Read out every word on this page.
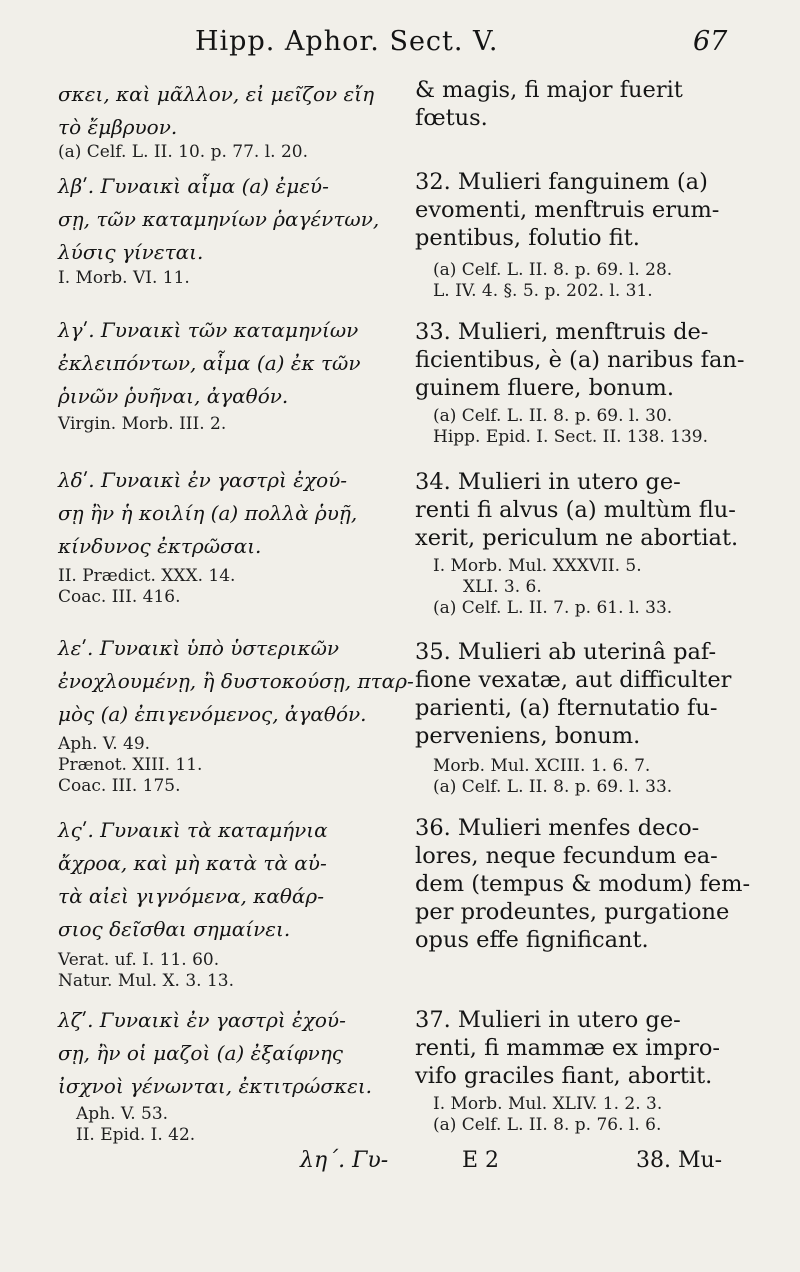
Hipp. Aphor. Sect. V.	67

σκει, καὶ μᾶλλον, εἰ μεῖζον εἴη

τὸ ἔμβρυον.

(a) Celf. L. II. 10. p. 77. l. 20.

λβʹ. Γυναικὶ αἷμα (a) ἐμεύ-

σῃ, τῶν καταμηνίων ῥαγέντων,

λύσις γίνεται.

I. Morb. VI. 11.

λγʹ. Γυναικὶ τῶν καταμηνίων

ἐκλειπόντων, αἷμα (a) ἐκ τῶν

ῥινῶν ῥυῆναι, ἀγαθόν.

Virgin. Morb. III. 2.

λδʹ. Γυναικὶ ἐν γαστρὶ ἐχού-

σῃ ἢν ἡ κοιλίη (a) πολλὰ ῥυῇ,

κίνδυνος ἐκτρῶσαι.

II. Prædict. XXX. 14.

Coac. III. 416.

λεʹ. Γυναικὶ ὑπὸ ὑστερικῶν

ἐνοχλουμένῃ, ἢ δυστοκούσῃ, πταρ-

μὸς (a) ἐπιγενόμενος, ἀγαθόν.

Aph. V. 49.

Prænot. XIII. 11.

Coac. III. 175.

λςʹ. Γυναικὶ τὰ καταμήνια

ἄχροα, καὶ μὴ κατὰ τὰ αὐ-

τὰ αἰεὶ γιγνόμενα, καθάρ-

σιος δεῖσθαι σημαίνει.

Verat. uf. I. 11. 60.

Natur. Mul. X. 3. 13.

λζʹ. Γυναικὶ ἐν γαστρὶ ἐχού-

σῃ, ἢν οἱ μαζοὶ (a) ἐξαίφνης

ἰσχνοὶ γένωνται, ἐκτιτρώσκει.

Aph. V. 53.

II. Epid. I. 42.

λη΄. Γυ-

& magis, fi major fuerit

fœtus.

32. Mulieri fanguinem (a)

evomenti, menftruis erum-

pentibus, folutio fit.

(a) Celf. L. II. 8. p. 69. l. 28.

L. IV. 4. §. 5. p. 202. l. 31.

33. Mulieri, menftruis de-

ficientibus, è (a) naribus fan-

guinem fluere, bonum.

(a) Celf. L. II. 8. p. 69. l. 30.

Hipp. Epid. I. Sect. II. 138. 139.

34. Mulieri in utero ge-

renti fi alvus (a) multùm flu-

xerit, periculum ne abortiat.

I. Morb. Mul. XXXVII. 5.

XLI. 3. 6.

(a) Celf. L. II. 7. p. 61. l. 33.

35. Mulieri ab uterinâ paf-

fione vexatæ, aut difficulter

parienti, (a) fternutatio fu-

perveniens, bonum.

Morb. Mul. XCIII. 1. 6. 7.

(a) Celf. L. II. 8. p. 69. l. 33.

36. Mulieri menfes deco-

lores, neque fecundum ea-

dem (tempus & modum) fem-

per prodeuntes, purgatione

opus effe fignificant.

37. Mulieri in utero ge-

renti, fi mammæ ex impro-

vifo graciles fiant, abortit.

I. Morb. Mul. XLIV. 1. 2. 3.

(a) Celf. L. II. 8. p. 76. l. 6.

E 2	38. Mu-
